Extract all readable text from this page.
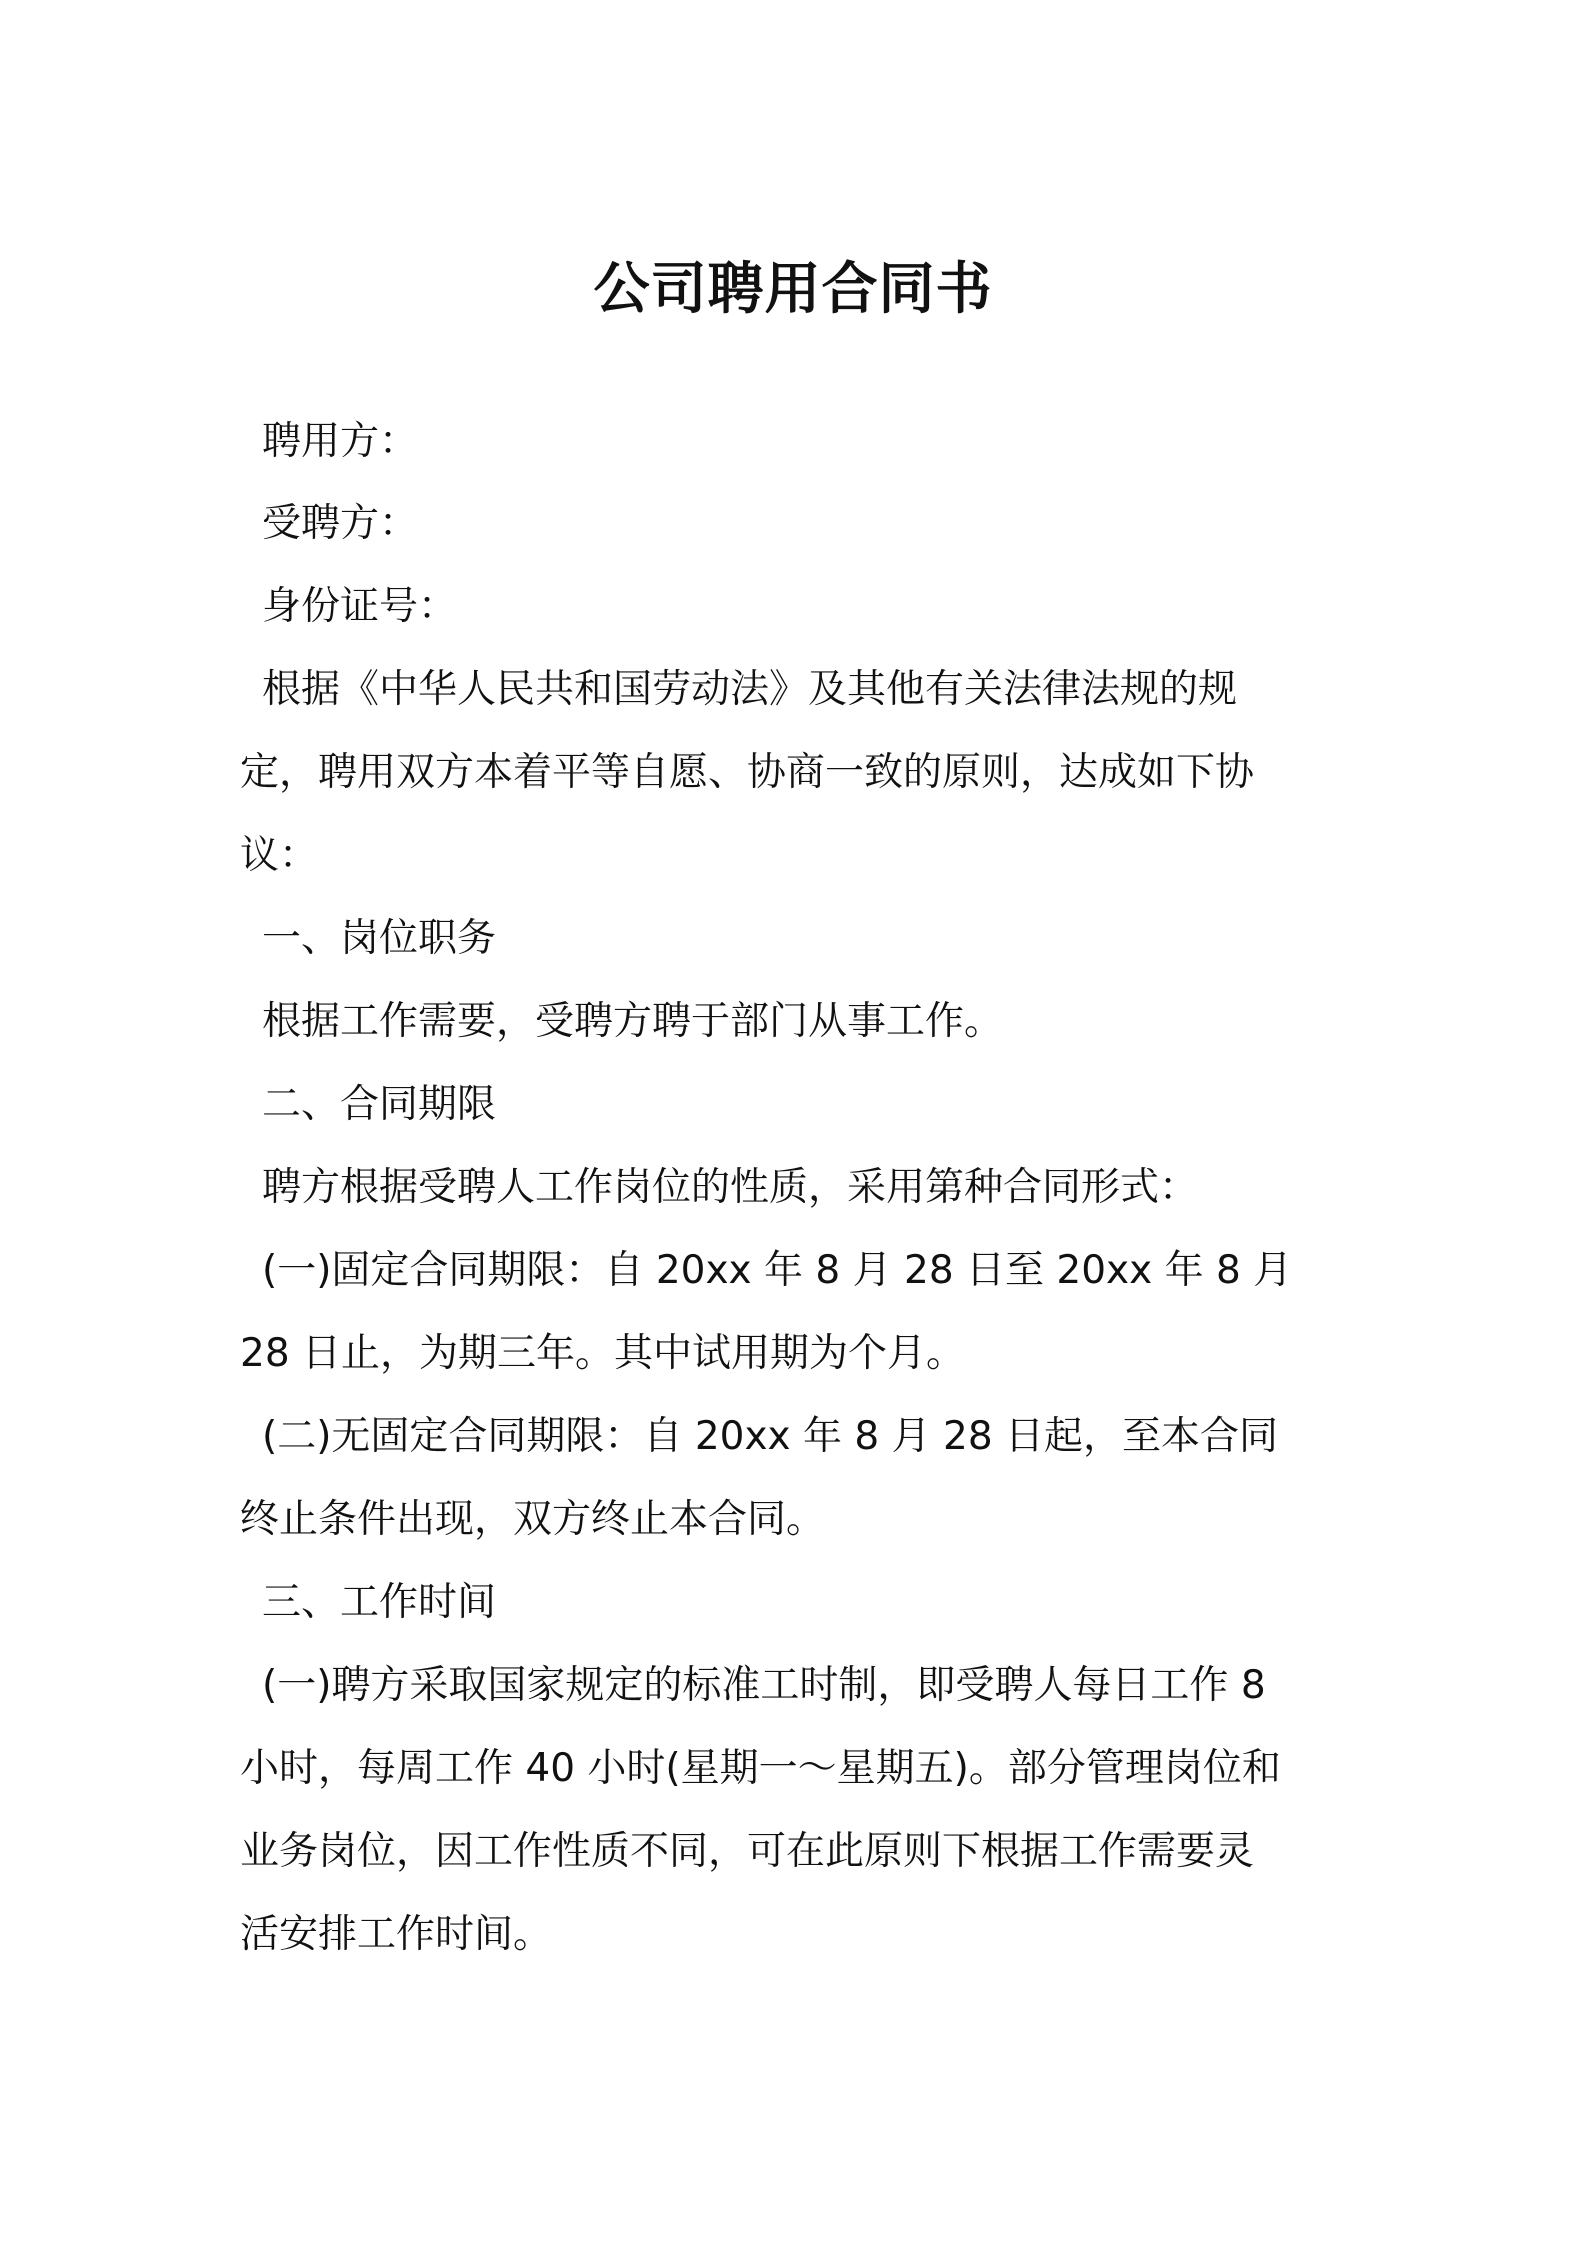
公司聘用合同书

聘用方：

受聘方：

身份证号：

根据《中华人民共和国劳动法》及其他有关法律法规的规

定，聘用双方本着平等自愿、协商一致的原则，达成如下协

议：

一、岗位职务

根据工作需要，受聘方聘于部门从事工作。

二、合同期限

聘方根据受聘人工作岗位的性质，采用第种合同形式：

(一)固定合同期限：自 20xx 年 8 月 28 日至 20xx 年 8 月

28 日止，为期三年。其中试用期为个月。

(二)无固定合同期限：自 20xx 年 8 月 28 日起，至本合同

终止条件出现，双方终止本合同。

三、工作时间

(一)聘方采取国家规定的标准工时制，即受聘人每日工作 8

小时，每周工作 40 小时(星期一～星期五)。部分管理岗位和

业务岗位，因工作性质不同，可在此原则下根据工作需要灵

活安排工作时间。
